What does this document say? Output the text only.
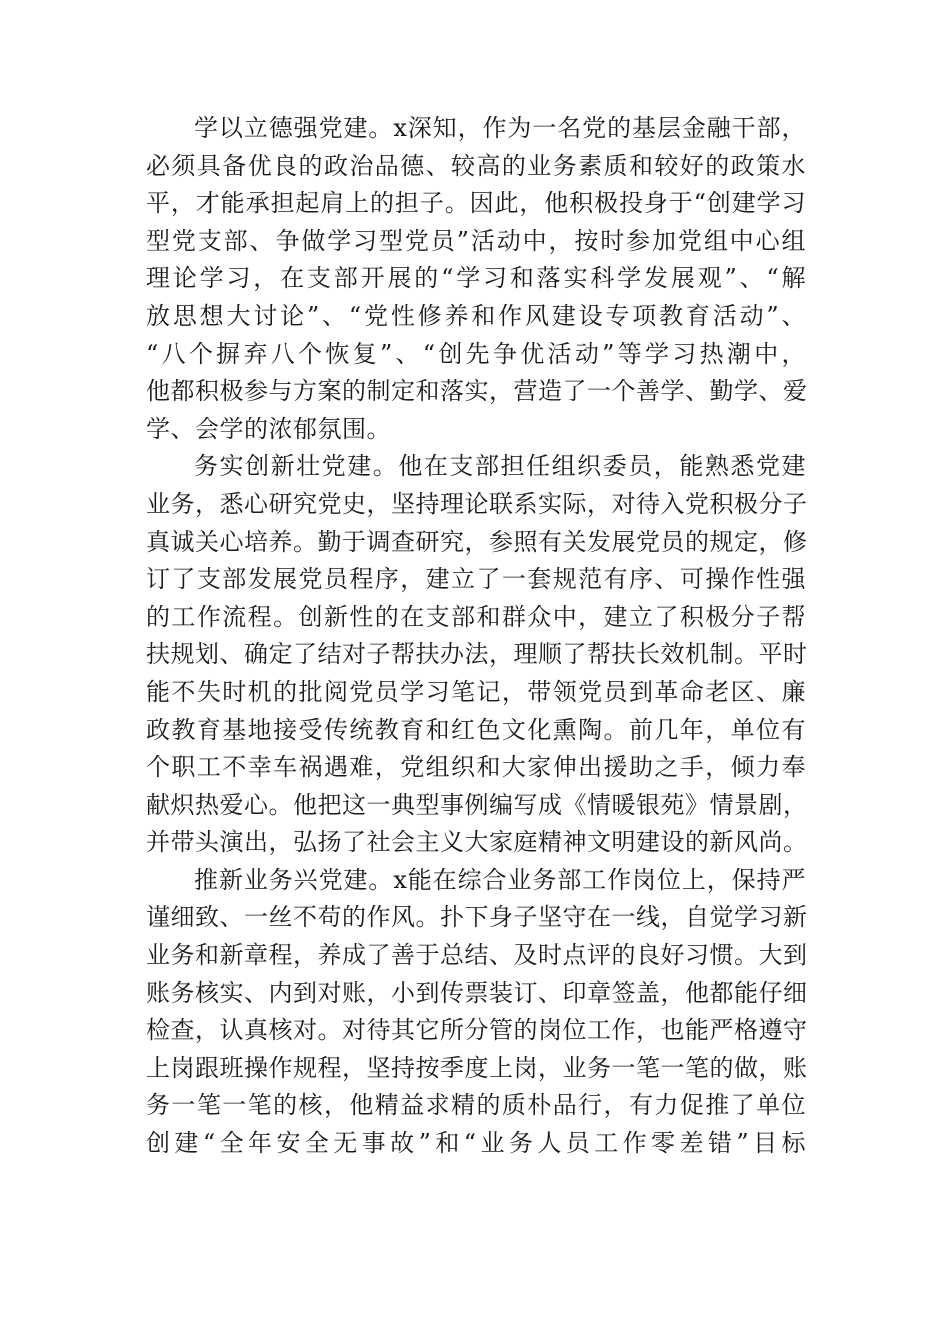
学以立德强党建。x深知，作为一名党的基层金融干部，
必须具备优良的政治品德、较高的业务素质和较好的政策水
平，才能承担起肩上的担子。因此，他积极投身于“创建学习
型党支部、争做学习型党员”活动中，按时参加党组中心组
理论学习，在支部开展的“学习和落实科学发展观”、“解
放思想大讨论”、“党性修养和作风建设专项教育活动”、
“八个摒弃八个恢复”、“创先争优活动”等学习热潮中，
他都积极参与方案的制定和落实，营造了一个善学、勤学、爱
学、会学的浓郁氛围。
务实创新壮党建。他在支部担任组织委员，能熟悉党建
业务，悉心研究党史，坚持理论联系实际，对待入党积极分子
真诚关心培养。勤于调查研究，参照有关发展党员的规定，修
订了支部发展党员程序，建立了一套规范有序、可操作性强
的工作流程。创新性的在支部和群众中，建立了积极分子帮
扶规划、确定了结对子帮扶办法，理顺了帮扶长效机制。平时
能不失时机的批阅党员学习笔记，带领党员到革命老区、廉
政教育基地接受传统教育和红色文化熏陶。前几年，单位有
个职工不幸车祸遇难，党组织和大家伸出援助之手，倾力奉
献炽热爱心。他把这一典型事例编写成《情暖银苑》情景剧，
并带头演出，弘扬了社会主义大家庭精神文明建设的新风尚。
推新业务兴党建。x能在综合业务部工作岗位上，保持严
谨细致、一丝不苟的作风。扑下身子坚守在一线，自觉学习新
业务和新章程，养成了善于总结、及时点评的良好习惯。大到
账务核实、内到对账，小到传票装订、印章签盖，他都能仔细
检查，认真核对。对待其它所分管的岗位工作，也能严格遵守
上岗跟班操作规程，坚持按季度上岗，业务一笔一笔的做，账
务一笔一笔的核，他精益求精的质朴品行，有力促推了单位
创建“全年安全无事故”和“业务人员工作零差错”目标
